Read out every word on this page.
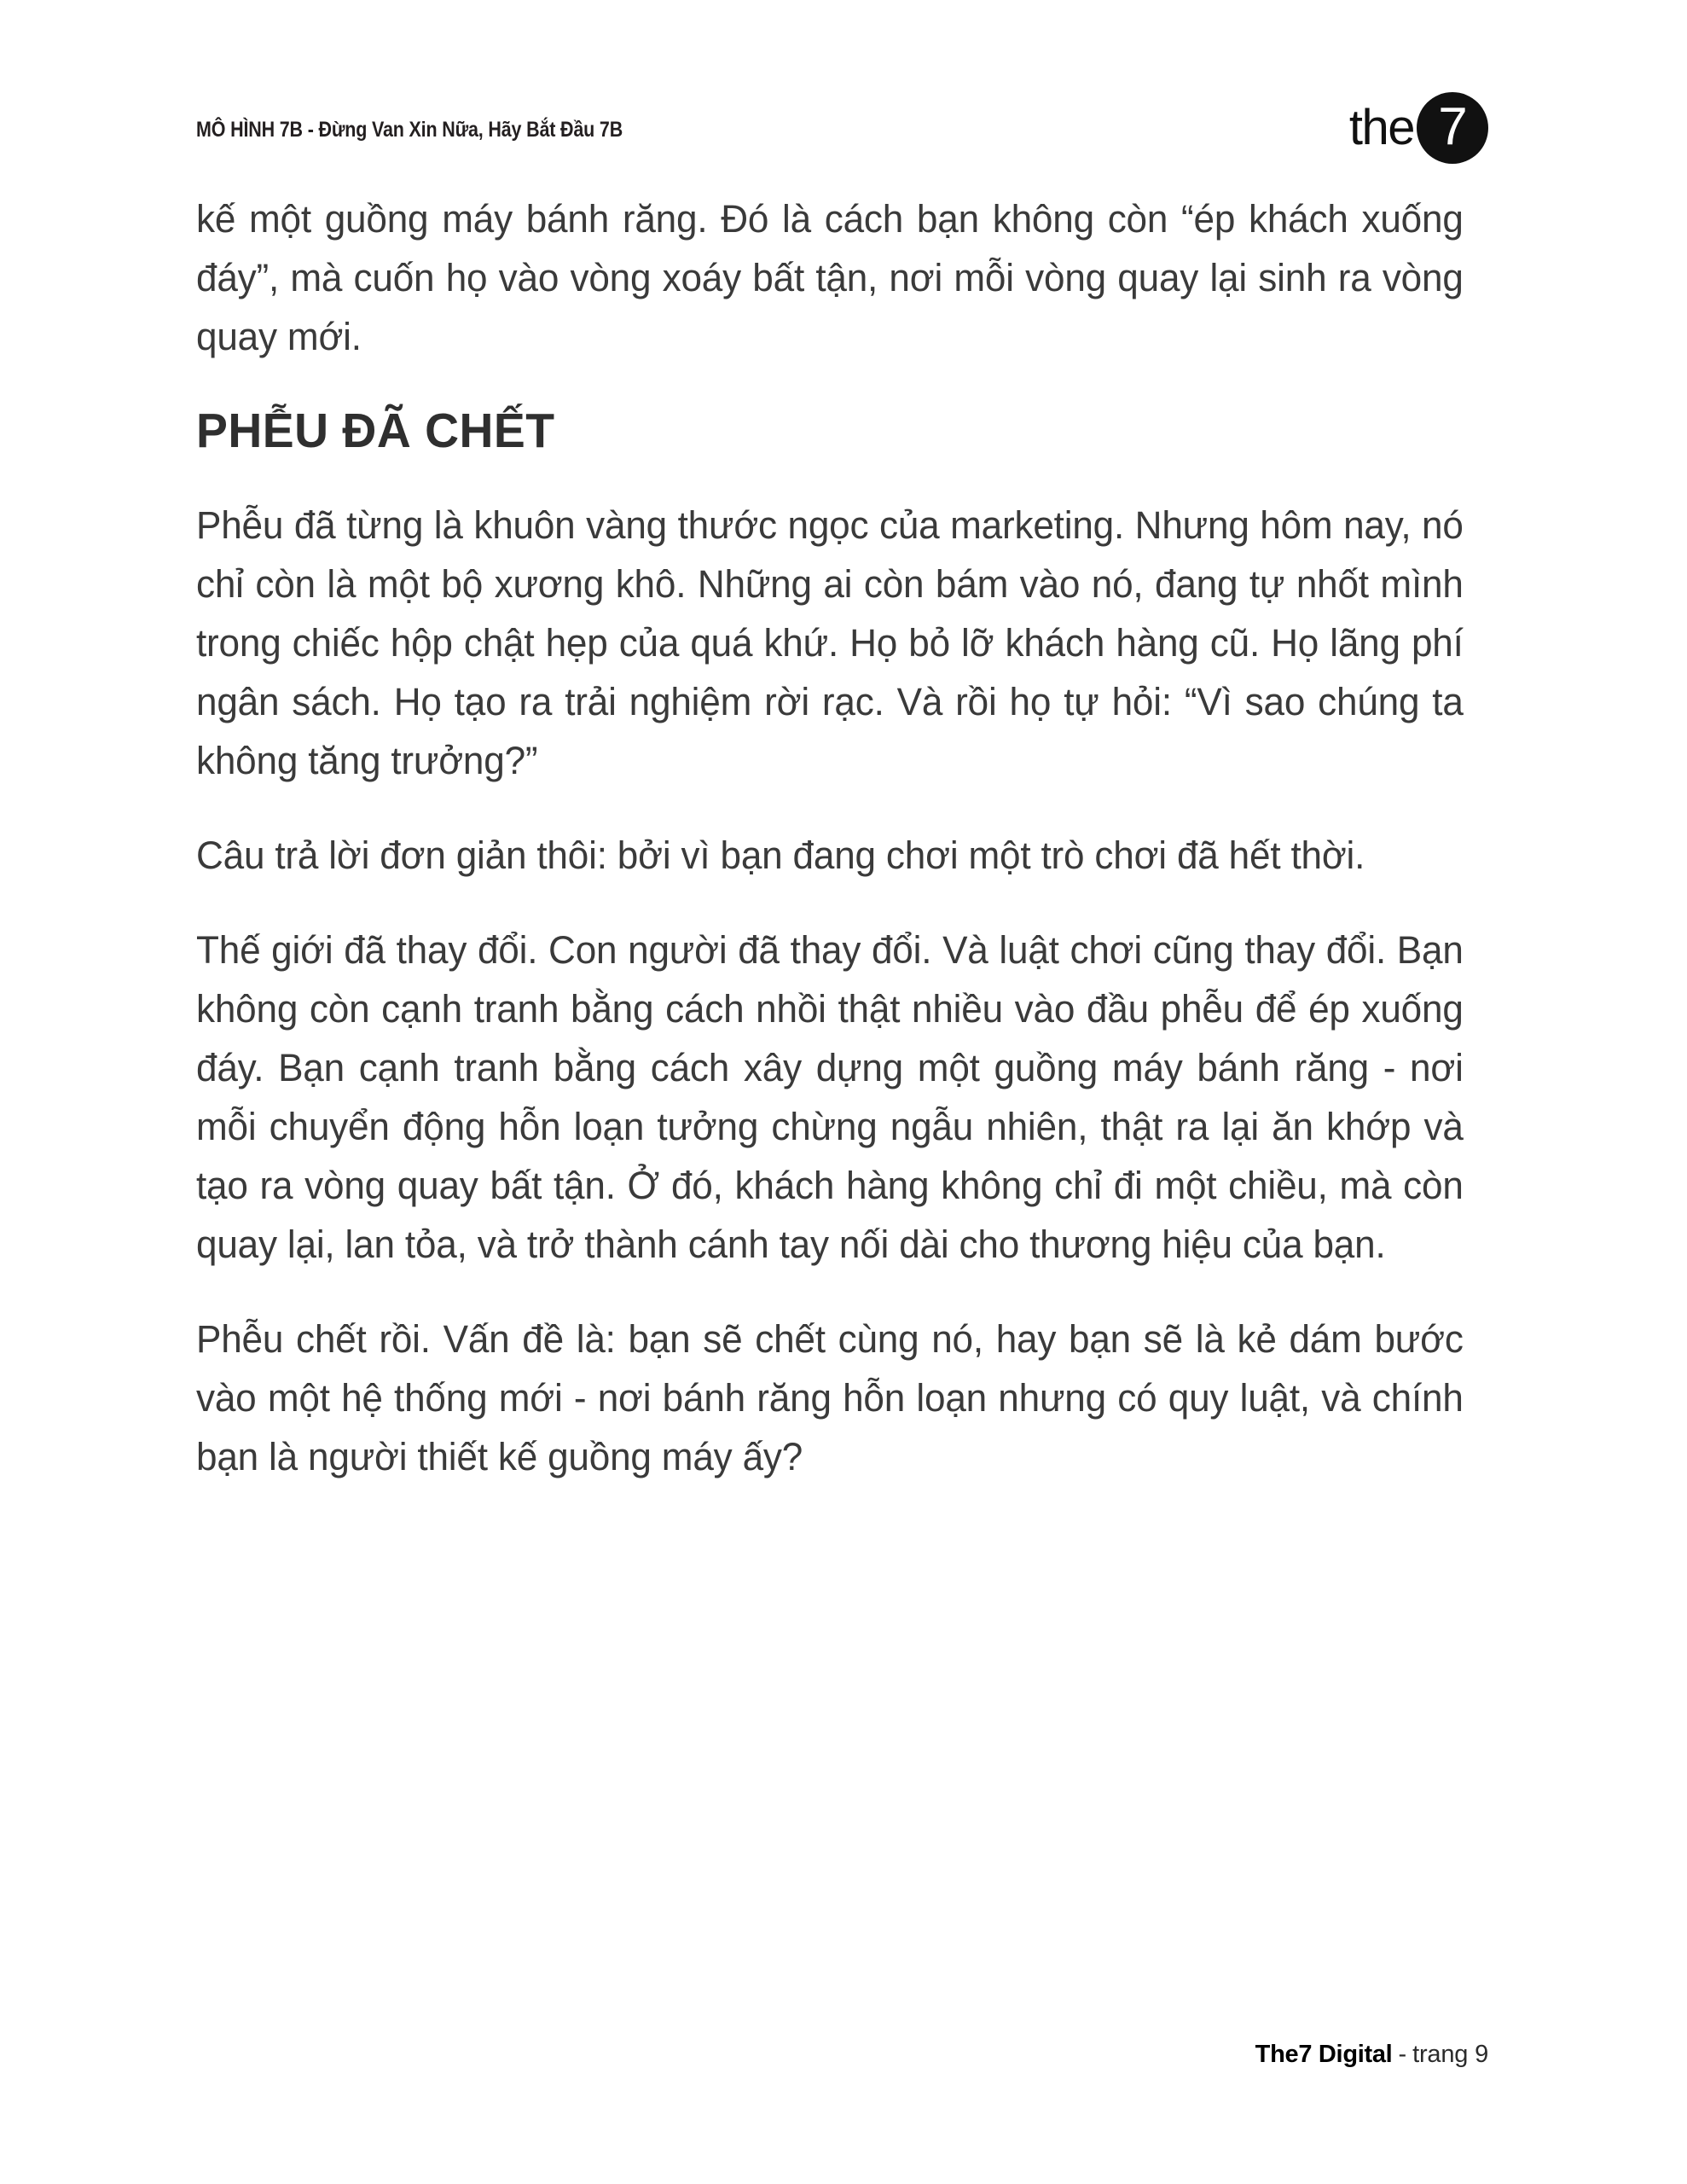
MÔ HÌNH 7B - Đừng Van Xin Nữa, Hãy Bắt Đầu 7B	the 7

kế một guồng máy bánh răng. Đó là cách bạn không còn “ép khách xuống đáy”, mà cuốn họ vào vòng xoáy bất tận, nơi mỗi vòng quay lại sinh ra vòng quay mới.

PHỄU ĐÃ CHẾT

Phễu đã từng là khuôn vàng thước ngọc của marketing. Nhưng hôm nay, nó chỉ còn là một bộ xương khô. Những ai còn bám vào nó, đang tự nhốt mình trong chiếc hộp chật hẹp của quá khứ. Họ bỏ lỡ khách hàng cũ. Họ lãng phí ngân sách. Họ tạo ra trải nghiệm rời rạc. Và rồi họ tự hỏi: “Vì sao chúng ta không tăng trưởng?”

Câu trả lời đơn giản thôi: bởi vì bạn đang chơi một trò chơi đã hết thời.

Thế giới đã thay đổi. Con người đã thay đổi. Và luật chơi cũng thay đổi. Bạn không còn cạnh tranh bằng cách nhồi thật nhiều vào đầu phễu để ép xuống đáy. Bạn cạnh tranh bằng cách xây dựng một guồng máy bánh răng - nơi mỗi chuyển động hỗn loạn tưởng chừng ngẫu nhiên, thật ra lại ăn khớp và tạo ra vòng quay bất tận. Ở đó, khách hàng không chỉ đi một chiều, mà còn quay lại, lan tỏa, và trở thành cánh tay nối dài cho thương hiệu của bạn.

Phễu chết rồi. Vấn đề là: bạn sẽ chết cùng nó, hay bạn sẽ là kẻ dám bước vào một hệ thống mới - nơi bánh răng hỗn loạn nhưng có quy luật, và chính bạn là người thiết kế guồng máy ấy?

The7 Digital - trang 9
